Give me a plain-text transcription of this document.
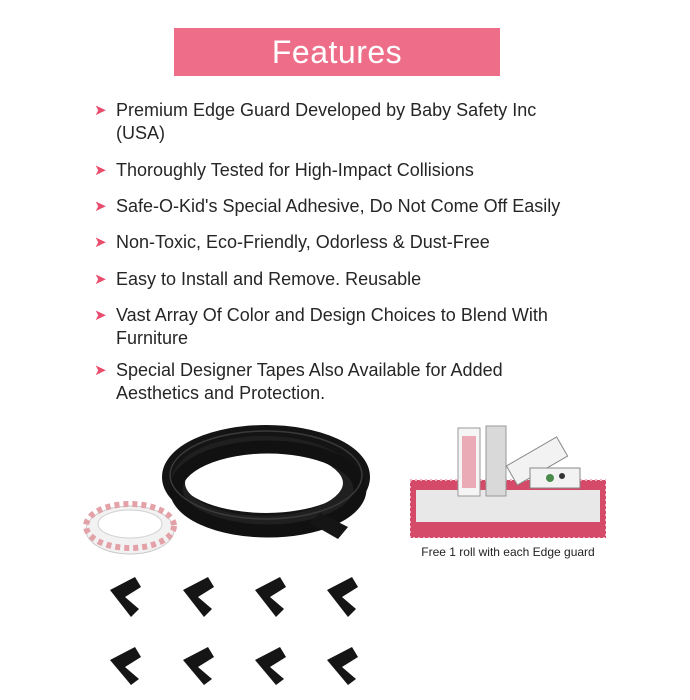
Features
➤ Premium Edge Guard Developed by Baby Safety Inc (USA)
➤ Thoroughly Tested for High-Impact Collisions
➤ Safe-O-Kid's Special Adhesive, Do Not Come Off Easily
➤ Non-Toxic, Eco-Friendly, Odorless & Dust-Free
➤ Easy to Install and Remove. Reusable
➤ Vast Array Of Color and Design Choices to Blend With Furniture
➤ Special Designer Tapes Also Available for Added Aesthetics and Protection.
Free 1 roll with each Edge guard
